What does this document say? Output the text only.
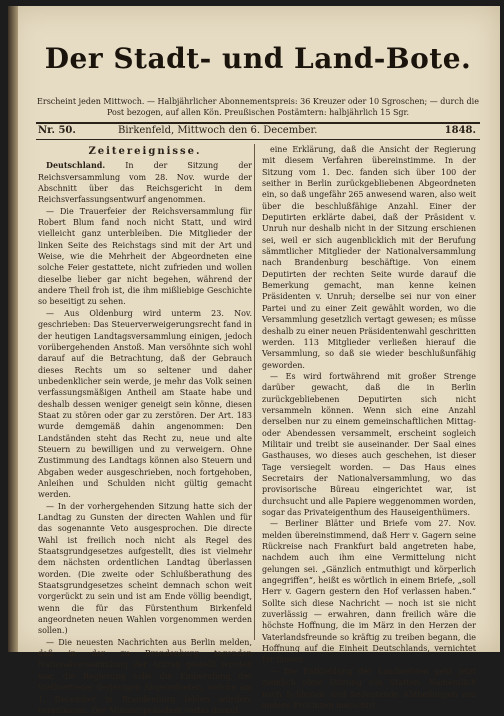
Der Stadt- und Land-Bote.
Erscheint jeden Mittwoch. — Halbjährlicher Abonnementspreis: 36 Kreuzer oder 10 Sgroschen; — durch die
Post bezogen, auf allen Kön. Preußischen Postämtern: halbjährlich 15 Sgr.
Nr. 50.	Birkenfeld, Mittwoch den 6. December.	1848.
Zeitereignisse.

Deutschland.	In der Sitzung der Reichsversammlung vom 28. Nov. wurde der Abschnitt über das Reichsgericht in dem Reichsverfassungsentwurf angenommen.

— Die Trauerfeier der Reichsversammlung für Robert Blum fand noch nicht Statt, und wird vielleicht ganz unterbleiben. Die Mitglieder der linken Seite des Reichstags sind mit der Art und Weise, wie die Mehrheit der Abgeordneten eine solche Feier gestattete, nicht zufrieden und wollen dieselbe lieber gar nicht begehen, während der andere Theil froh ist, die ihm mißliebige Geschichte so beseitigt zu sehen.

— Aus Oldenburg wird unterm 23. Nov. geschrieben: Das Steuerverweigerungsrecht fand in der heutigen Landtagsversammlung einigen, jedoch vorübergehenden Anstoß. Man versöhnte sich wohl darauf auf die Betrachtung, daß der Gebrauch dieses Rechts um so seltener und daher unbedenklicher sein werde, je mehr das Volk seinen verfassungsmäßigen Antheil am Staate habe und deshalb dessen weniger geneigt sein könne, diesen Staat zu stören oder gar zu zerstören. Der Art. 183 wurde demgemäß dahin angenommen: Den Landständen steht das Recht zu, neue und alte Steuern zu bewilligen und zu verweigern. Ohne Zustimmung des Landtags können also Steuern und Abgaben weder ausgeschrieben, noch fortgehoben, Anleihen und Schulden nicht gültig gemacht werden.

— In der vorhergehenden Sitzung hatte sich der Landtag zu Gunsten der directen Wahlen und für das sogenannte Veto ausgesprochen. Die directe Wahl ist freilich noch nicht als Regel des Staatsgrundgesetzes aufgestellt, dies ist vielmehr dem nächsten ordentlichen Landtag überlassen worden. (Die zweite oder Schlußberathung des Staatsgrundgesetzes scheint demnach schon weit vorgerückt zu sein und ist am Ende völlig beendigt, wenn die für das Fürstenthum Birkenfeld angeordneten neuen Wahlen vorgenommen werden sollen.)

— Die neuesten Nachrichten aus Berlin melden, daß in der zu Brandenburg tagenden Nationalversammlung der Antrag gestellt worden war, die Regierung solle die Einberufung der Stellvertreter derjenigen Abgeordneten, welche am 1. December in Brandenburg fehlen würden, veranlassen. Der Ministerpräsident verlas darauf

eine Erklärung, daß die Ansicht der Regierung mit diesem Verfahren übereinstimme. In der Sitzung vom 1. Dec. fanden sich über 100 der seither in Berlin zurückgebliebenen Abgeordneten ein, so daß ungefähr 265 anwesend waren, also weit über die beschlußfähige Anzahl. Einer der Deputirten erklärte dabei, daß der Präsident v. Unruh nur deshalb nicht in der Sitzung erschienen sei, weil er sich augenblicklich mit der Berufung sämmtlicher Mitglieder der Nationalversammlung nach Brandenburg beschäftige. Von einem Deputirten der rechten Seite wurde darauf die Bemerkung gemacht, man kenne keinen Präsidenten v. Unruh; derselbe sei nur von einer Partei und zu einer Zeit gewählt worden, wo die Versammlung gesetzlich vertagt gewesen; es müsse deshalb zu einer neuen Präsidentenwahl geschritten werden. 113 Mitglieder verließen hierauf die Versammlung, so daß sie wieder beschlußunfähig geworden.

— Es wird fortwährend mit großer Strenge darüber gewacht, daß die in Berlin zurückgebliebenen Deputirten sich nicht versammeln können. Wenn sich eine Anzahl derselben nur zu einem gemeinschaftlichen Mittag- oder Abendessen versammelt, erscheint sogleich Militair und treibt sie auseinander. Der Saal eines Gasthauses, wo dieses auch geschehen, ist dieser Tage versiegelt worden. — Das Haus eines Secretairs der Nationalversammlung, wo das provisorische Büreau eingerichtet war, ist durchsucht und alle Papiere weggenommen worden, sogar das Privateigenthum des Hauseigenthümers.

— Berliner Blätter und Briefe vom 27. Nov. melden übereinstimmend, daß Herr v. Gagern seine Rückreise nach Frankfurt bald angetreten habe, nachdem auch ihm eine Vermittelung nicht gelungen sei. „Gänzlich entmuthigt und körperlich angegriffen“, heißt es wörtlich in einem Briefe, „soll Herr v. Gagern gestern den Hof verlassen haben.“ Sollte sich diese Nachricht — noch ist sie nicht zuverlässig — erwahren, dann freilich wäre die höchste Hoffnung, die im März in den Herzen der Vaterlandsfreunde so kräftig zu treiben begann, die Hoffnung auf die Einheit Deutschlands, vernichtet für immer.

— Die Entkleidung der Landwehren geht jetzt ziemlich ohne Störung von Statten. Namentlich nach Schlesien sind bedeutende Abtheilungen aus andern Provinzen marschirt.
